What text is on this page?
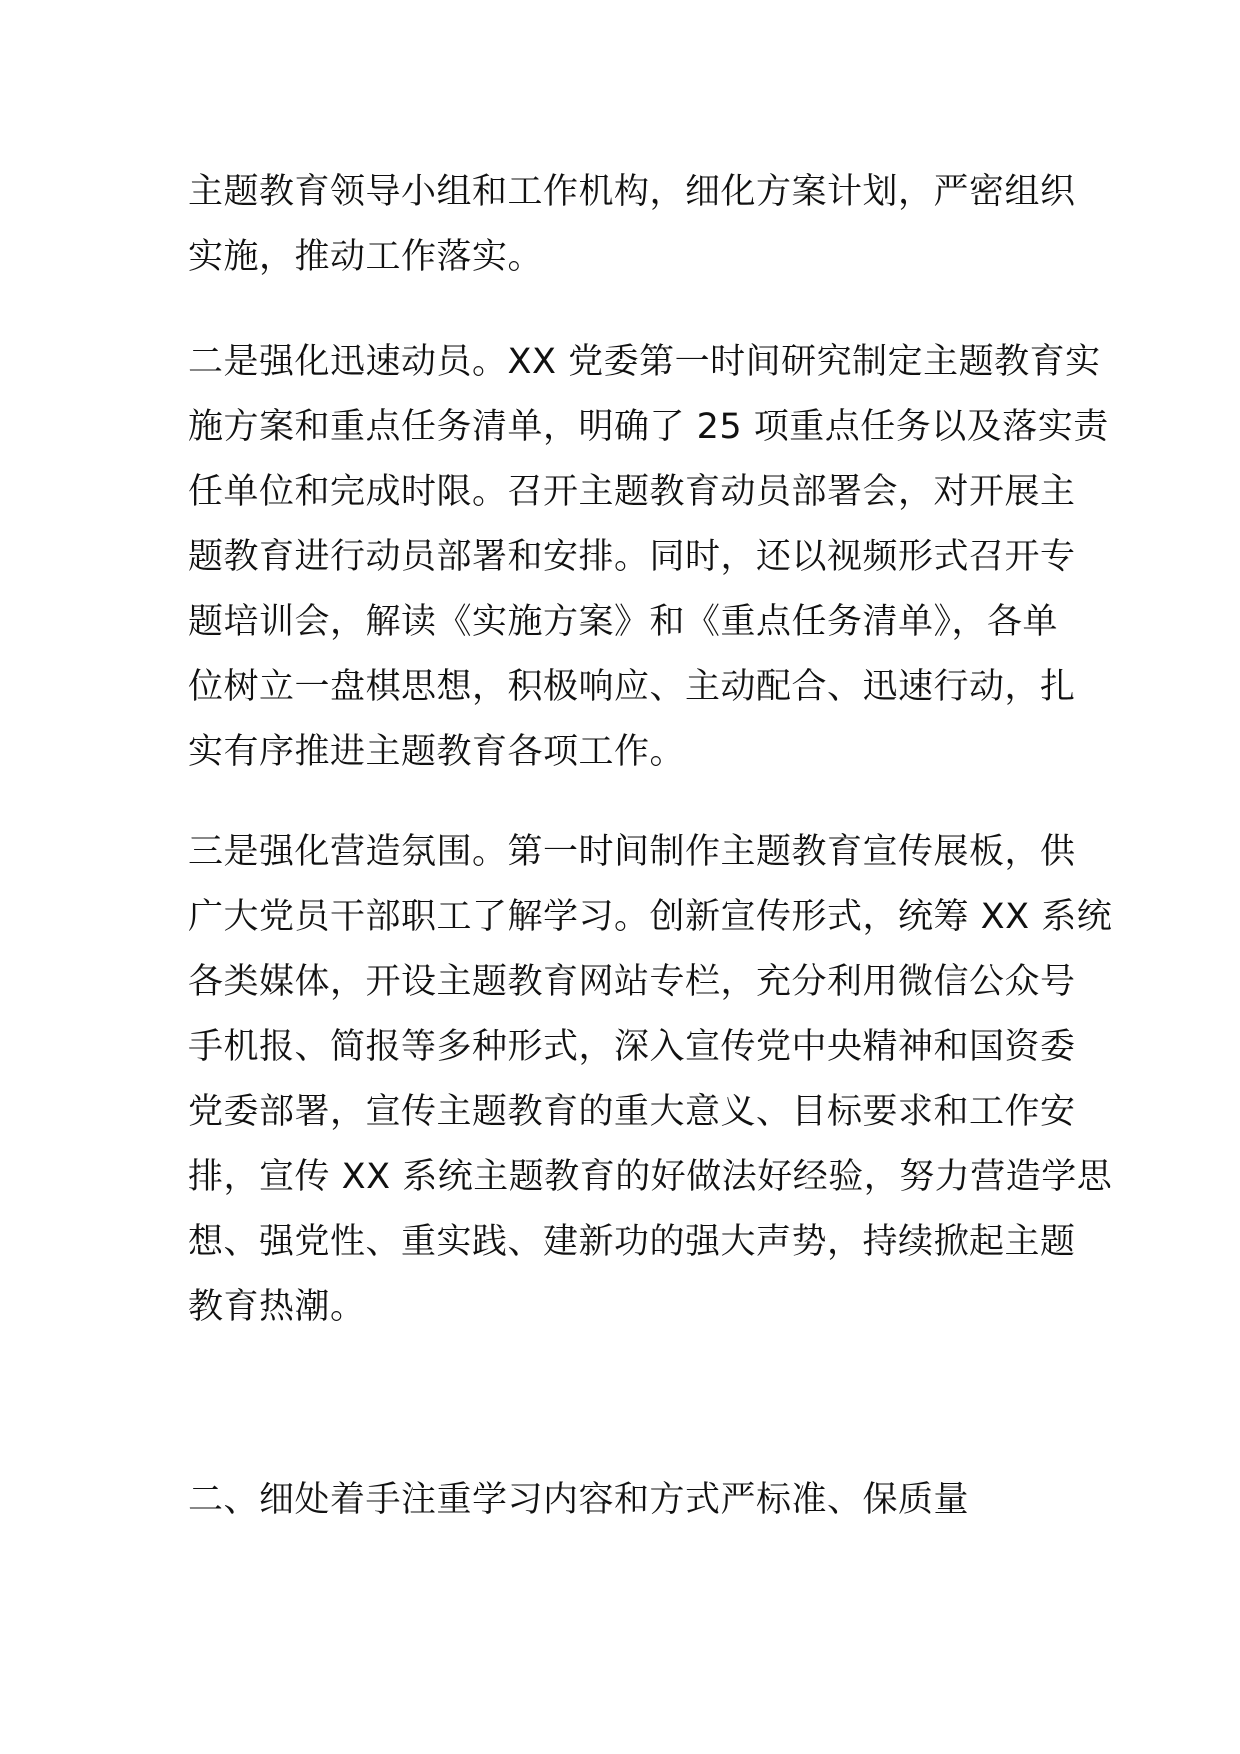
主题教育领导小组和工作机构，细化方案计划，严密组织
实施，推动工作落实。
二是强化迅速动员。XX 党委第一时间研究制定主题教育实
施方案和重点任务清单，明确了 25 项重点任务以及落实责
任单位和完成时限。召开主题教育动员部署会，对开展主
题教育进行动员部署和安排。同时，还以视频形式召开专
题培训会，解读《实施方案》和《重点任务清单》，各单
位树立一盘棋思想，积极响应、主动配合、迅速行动，扎
实有序推进主题教育各项工作。
三是强化营造氛围。第一时间制作主题教育宣传展板，供
广大党员干部职工了解学习。创新宣传形式，统筹 XX 系统
各类媒体，开设主题教育网站专栏，充分利用微信公众号
手机报、简报等多种形式，深入宣传党中央精神和国资委
党委部署，宣传主题教育的重大意义、目标要求和工作安
排，宣传 XX 系统主题教育的好做法好经验，努力营造学思
想、强党性、重实践、建新功的强大声势，持续掀起主题
教育热潮。
二、细处着手注重学习内容和方式严标准、保质量
